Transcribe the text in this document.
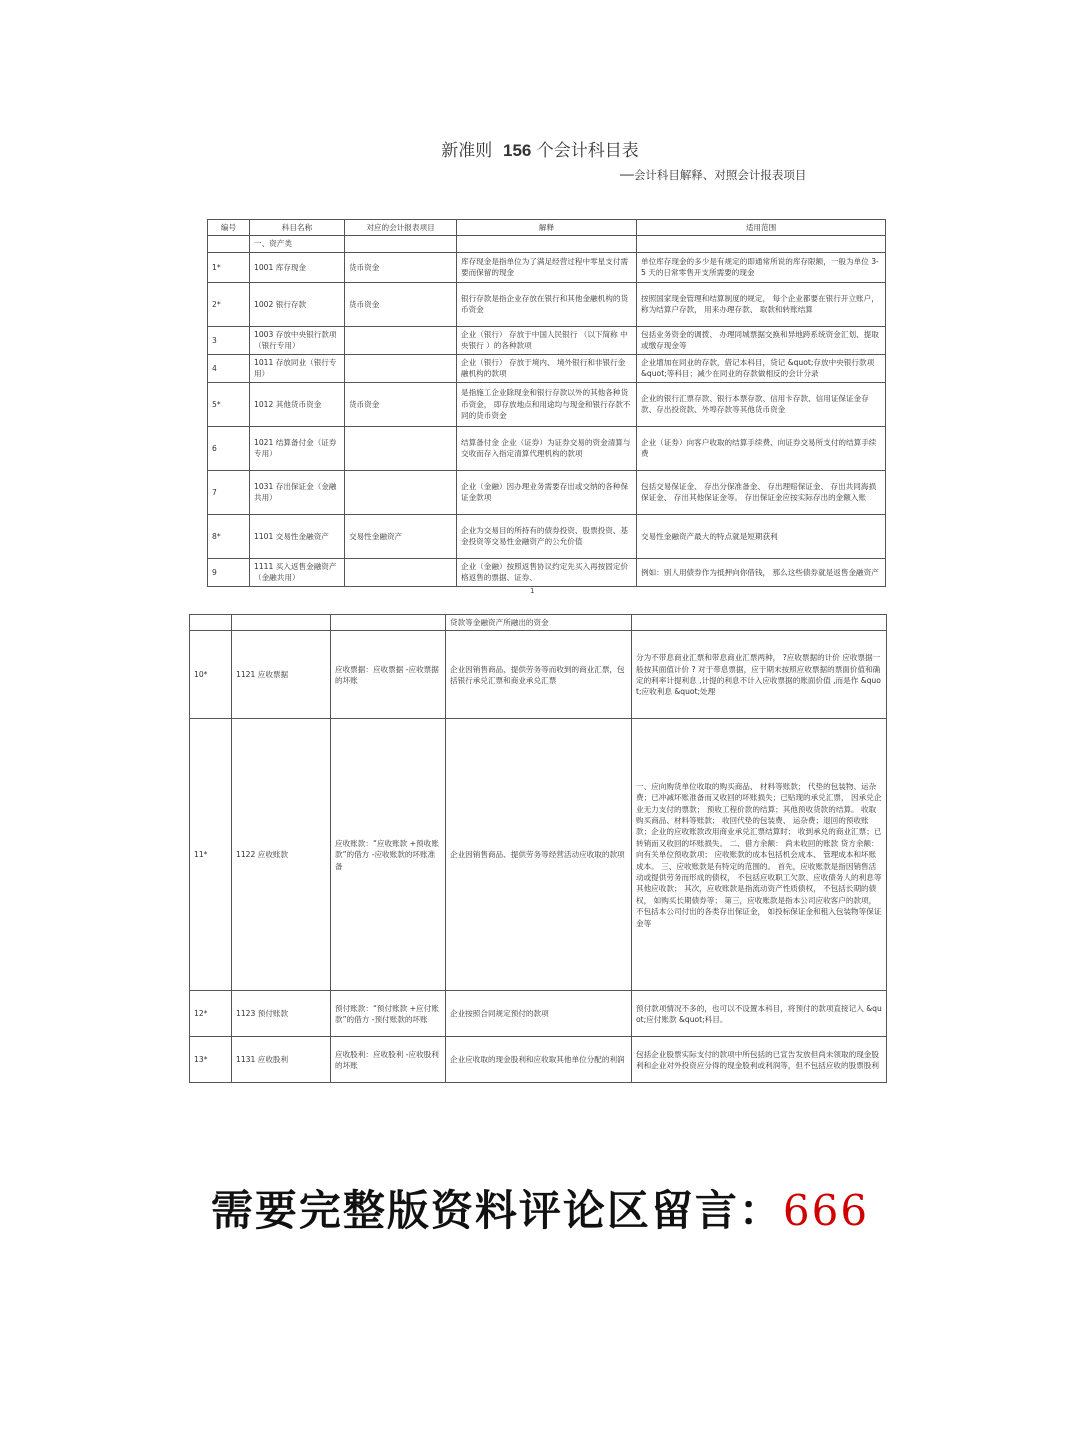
新准则 156 个会计科目表
──会计科目解释、对照会计报表项目
编号	科目名称	对应的会计报表项目	解释	适用范围
	一、资产类			
1*	1001 库存现金	货币资金	库存现金是指单位为了满足经营过程中零星支付需要而保留的现金	单位库存现金的多少是有规定的即通常所说的库存限额，一般为单位 3-5 天的日常零售开支所需要的现金
2*	1002 银行存款	货币资金	银行存款是指企业存放在银行和其他金融机构的货币资金	按照国家现金管理和结算制度的规定， 每个企业都要在银行开立账户， 称为结算户存款， 用来办理存款、 取款和转账结算
3	1003 存放中央银行款项（银行专用）		企业（银行） 存放于中国人民银行 （以下简称 中央银行 ）的各种款项	包括业务资金的调拨、 办理同城票据交换和异地跨系统资金汇划、提取或缴存现金等
4	1011 存放同业（银行专用）		企业（银行） 存放于境内、 境外银行和非银行金融机构的款项	企业增加在同业的存款，借记本科目，贷记 &quot;存放中央银行款项 &quot;等科目；减少在同业的存款做相反的会计分录
5*	1012 其他货币资金	货币资金	是指施工企业除现金和银行存款以外的其他各种货币资金， 即存放地点和用途均与现金和银行存款不同的货币资金	企业的银行汇票存款、银行本票存款、信用卡存款、信用证保证金存款、存出投资款、外埠存款等其他货币资金
6	1021 结算备付金（证券专用）		结算备付金 企业（证券）为证券交易的资金清算与交收而存入指定清算代理机构的款项	企业（证券）向客户收取的结算手续费、向证券交易所支付的结算手续费
7	1031 存出保证金（金融共用）		企业（金融）因办理业务需要存出或交纳的各种保证金款项	包括交易保证金、 存出分保准备金、 存出理赔保证金、 存出共同海损保证金、 存出其他保证金等。 存出保证金应按实际存出的金额入账
8*	1101 交易性金融资产	交易性金融资产	企业为交易目的所持有的债券投资、股票投资、基金投资等交易性金融资产的公允价值	交易性金融资产最大的特点就是短期获利
9	1111 买入返售金融资产（金融共用）		企业（金融）按照返售协议约定先买入再按固定价格返售的票据、证券、	例如：别人用债券作为抵押向你借钱， 那么这些债券就是返售金融资产
1
			贷款等金融资产所融出的资金	
10*	1121 应收票据	应收票据：应收票据 -应收票据的坏账	企业因销售商品、提供劳务等而收到的商业汇票，包括银行承兑汇票和商业承兑汇票	分为不带息商业汇票和带息商业汇票两种， ?应收票据的计价 应收票据一般按其面值计价 ? 对于带息票据，应于期末按照应收票据的票面价值和确定的利率计提利息 ,计提的利息不计入应收票据的账面价值 ,而是作 &quot;应收利息 &quot;处理
11*	1122 应收账款	应收账款：“应收账款 +预收账款”的借方 -应收账款的坏账准备	企业因销售商品、提供劳务等经营活动应收取的款项	一、应向购货单位收取的购买商品、 材料等账款； 代垫的包装物、运杂费；已冲减坏账准备而又收回的坏账损失；已贴现的承兑汇票， 因承兑企业无力支付的票款； 预收工程价款的结算；其他预收货款的结算。 收取购买商品、材料等账款； 收回代垫的包装费、 运杂费；退回的预收账款；企业的应收账款改用商业承兑汇票结算时； 收到承兑的商业汇票；已转销而又收回的坏账损失。 二、借方余额： 尚未收回的账款 贷方余额： 向有关单位预收款项； 应收账款的成本包括机会成本、 管理成本和坏账成本。 三、应收账款是有特定的范围的。 首先，应收账款是指因销售活动或提供劳务而形成的债权， 不包括应收职工欠款、应收债务人的利息等其他应收款； 其次，应收账款是指流动资产性质债权， 不包括长期的债权， 如购买长期债券等； 第三，应收账款是指本公司应收客户的款项， 不包括本公司付出的各类存出保证金， 如投标保证金和租入包装物等保证金等
12*	1123 预付账款	预付账款：“预付账款 +应付账款”的借方 -预付账款的坏账	企业按照合同规定预付的款项	预付款项情况不多的，也可以不设置本科目，将预付的款项直接记入 &quot;应付账款 &quot;科目。
13*	1131 应收股利	应收股利：应收股利 -应收股利的坏账	企业应收取的现金股利和应收取其他单位分配的利润	包括企业股票实际支付的款项中所包括的已宣告发放但尚未领取的现金股利和企业对外投资应分得的现金股利或利润等，但不包括应收的股票股利
需要完整版资料评论区留言：666
